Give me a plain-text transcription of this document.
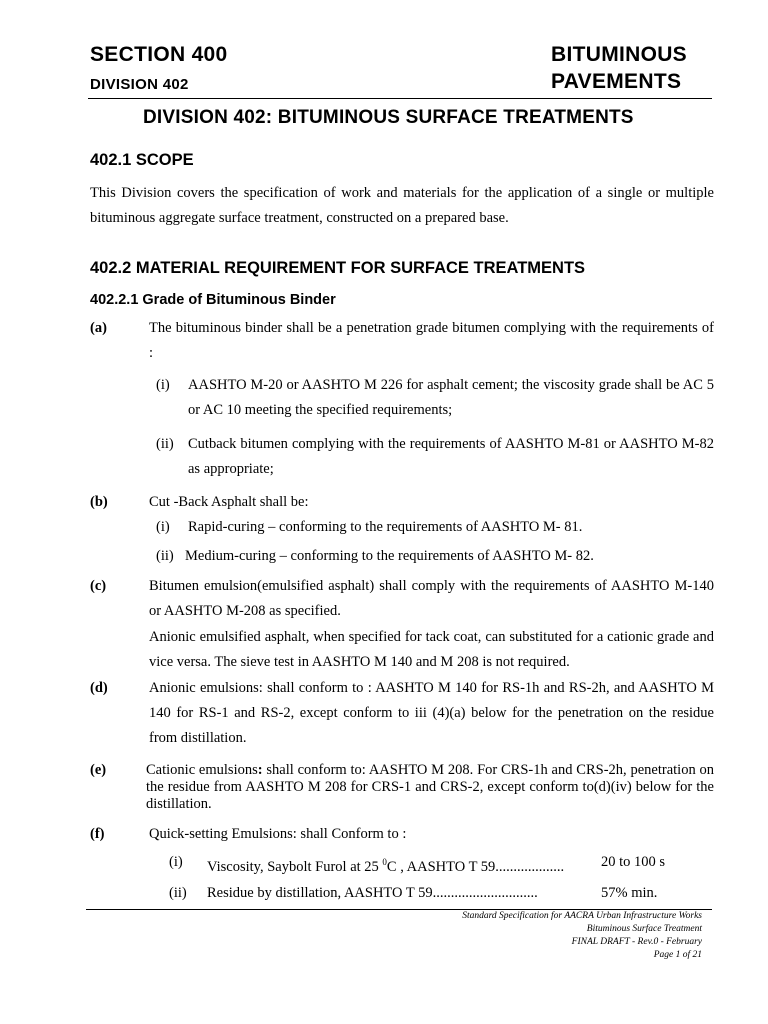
SECTION 400
DIVISION 402
BITUMINOUS
PAVEMENTS
DIVISION 402: BITUMINOUS SURFACE TREATMENTS
402.1 SCOPE
This Division covers the specification of work and materials for the application of a single or multiple bituminous aggregate surface treatment, constructed on a prepared base.
402.2 MATERIAL REQUIREMENT FOR SURFACE TREATMENTS
402.2.1 Grade of Bituminous Binder
(a)	The bituminous binder shall be a penetration grade bitumen complying with the requirements of :
(i) AASHTO M-20 or AASHTO M 226 for asphalt cement; the viscosity grade shall be AC 5 or AC 10 meeting the specified requirements;
(ii) Cutback bitumen complying with the requirements of AASHTO M-81 or AASHTO M-82 as appropriate;
(b)	Cut -Back Asphalt shall be:
(i) Rapid-curing – conforming to the requirements of AASHTO M- 81.
(ii) Medium-curing – conforming to the requirements of AASHTO M- 82.
(c)	Bitumen emulsion(emulsified asphalt) shall comply with the requirements of AASHTO M-140 or AASHTO M-208 as specified.
Anionic emulsified asphalt, when specified for tack coat, can substituted for a cationic grade and vice versa. The sieve test in AASHTO M 140 and M 208 is not required.
(d)	Anionic emulsions: shall conform to : AASHTO M 140 for RS-1h and RS-2h, and AASHTO M 140 for RS-1 and RS-2, except conform to iii (4)(a) below for the penetration on the residue from distillation.
(e)	Cationic emulsions: shall conform to: AASHTO M 208. For CRS-1h and CRS-2h, penetration on the residue from AASHTO M 208 for CRS-1 and CRS-2, except conform to(d)(iv) below for the distillation.
(f)	Quick-setting Emulsions: shall Conform to :
(i) Viscosity, Saybolt Furol at 25 $^0$C , AASHTO T 59...................	20 to 100 s
(ii) Residue by distillation, AASHTO T 59.............................	57% min.
Standard Specification for AACRA Urban Infrastructure Works
Bituminous Surface Treatment
FINAL DRAFT - Rev.0 - February
Page 1 of 21
